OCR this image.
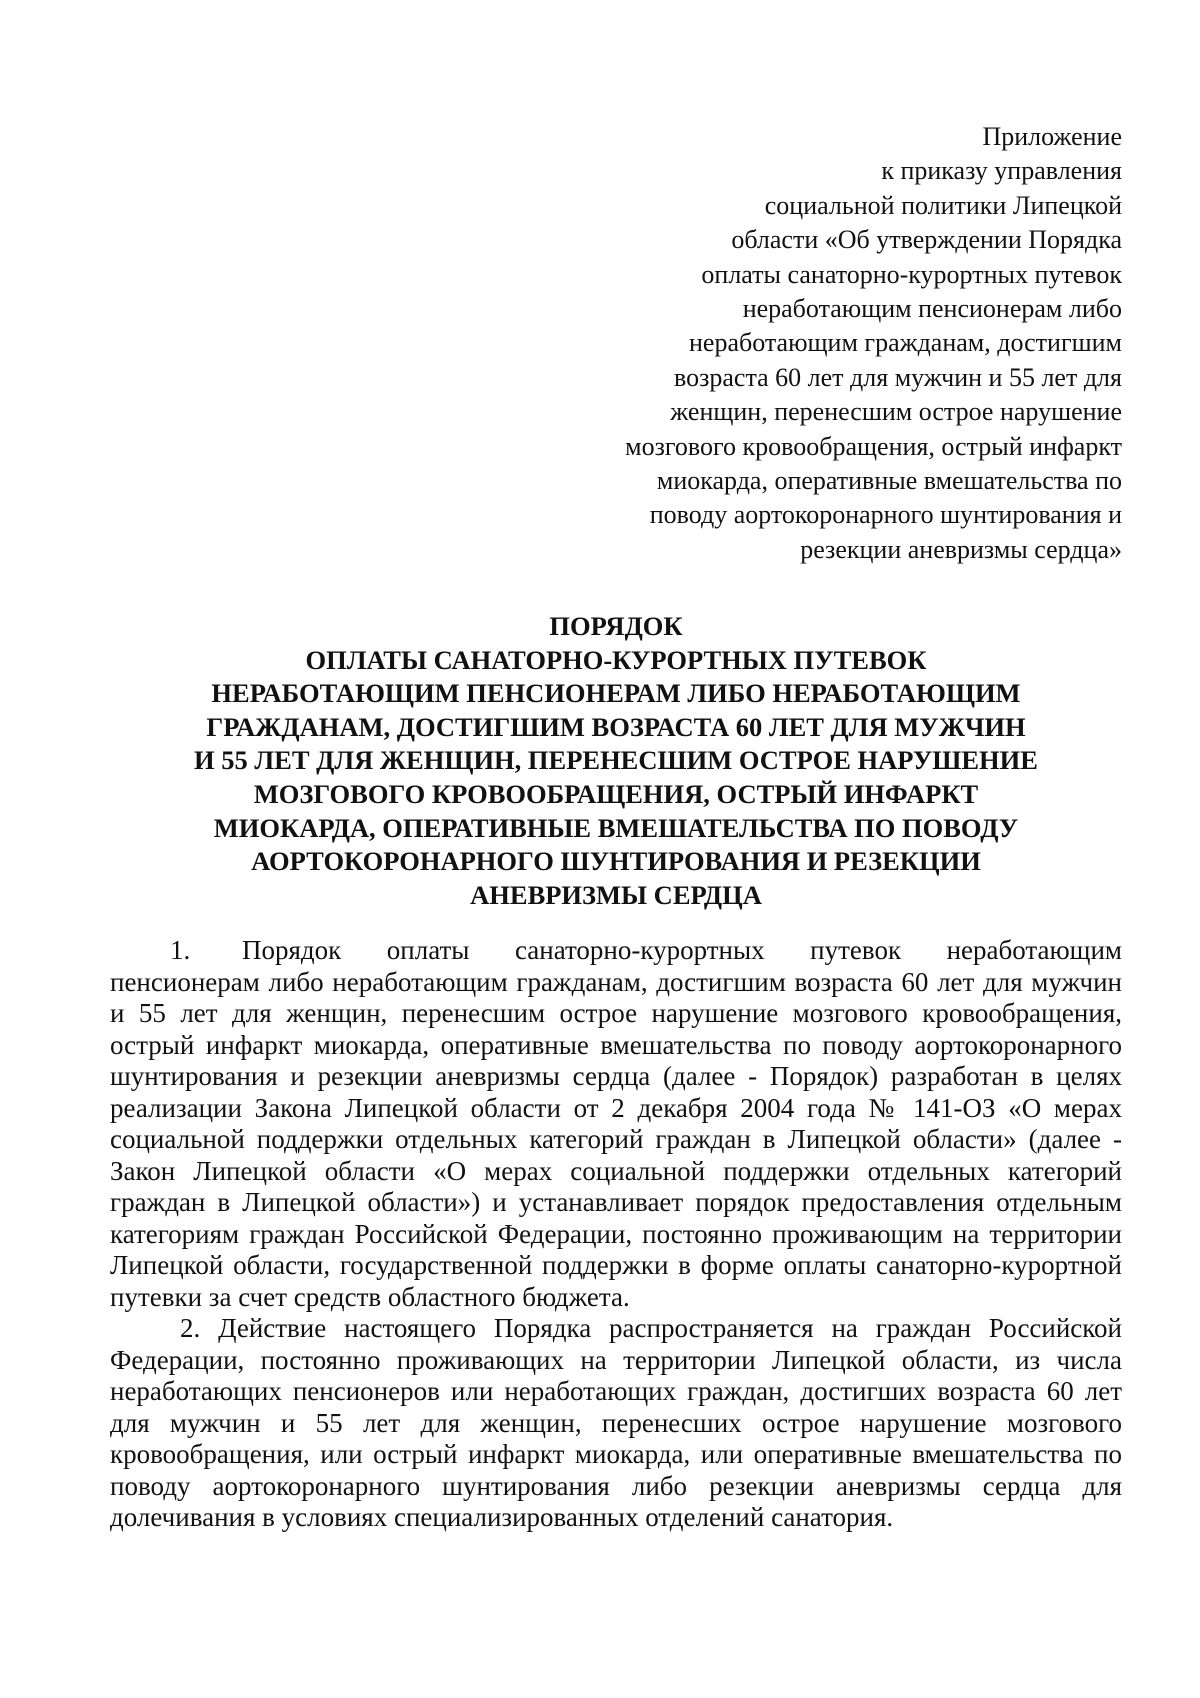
Приложение
к приказу управления
социальной политики Липецкой
области «Об утверждении Порядка
оплаты санаторно-курортных путевок
неработающим пенсионерам либо
неработающим гражданам, достигшим
возраста 60 лет для мужчин и 55 лет для
женщин, перенесшим острое нарушение
мозгового кровообращения, острый инфаркт
миокарда, оперативные вмешательства по
поводу аортокоронарного шунтирования и
резекции аневризмы сердца»
ПОРЯДОК
ОПЛАТЫ САНАТОРНО-КУРОРТНЫХ ПУТЕВОК
НЕРАБОТАЮЩИМ ПЕНСИОНЕРАМ ЛИБО НЕРАБОТАЮЩИМ
ГРАЖДАНАМ, ДОСТИГШИМ ВОЗРАСТА 60 ЛЕТ ДЛЯ МУЖЧИН
И 55 ЛЕТ ДЛЯ ЖЕНЩИН, ПЕРЕНЕСШИМ ОСТРОЕ НАРУШЕНИЕ
МОЗГОВОГО КРОВООБРАЩЕНИЯ, ОСТРЫЙ ИНФАРКТ
МИОКАРДА, ОПЕРАТИВНЫЕ ВМЕШАТЕЛЬСТВА ПО ПОВОДУ
АОРТОКОРОНАРНОГО ШУНТИРОВАНИЯ И РЕЗЕКЦИИ
АНЕВРИЗМЫ СЕРДЦА

1. Порядок оплаты санаторно-курортных путевок неработающим пенсионерам либо неработающим гражданам, достигшим возраста 60 лет для мужчин и 55 лет для женщин, перенесшим острое нарушение мозгового кровообращения, острый инфаркт миокарда, оперативные вмешательства по поводу аортокоронарного шунтирования и резекции аневризмы сердца (далее - Порядок) разработан в целях реализации Закона Липецкой области от 2 декабря 2004 года № 141-ОЗ «О мерах социальной поддержки отдельных категорий граждан в Липецкой области» (далее - Закон Липецкой области «О мерах социальной поддержки отдельных категорий граждан в Липецкой области») и устанавливает порядок предоставления отдельным категориям граждан Российской Федерации, постоянно проживающим на территории Липецкой области, государственной поддержки в форме оплаты санаторно-курортной путевки за счет средств областного бюджета.

2. Действие настоящего Порядка распространяется на граждан Российской Федерации, постоянно проживающих на территории Липецкой области, из числа неработающих пенсионеров или неработающих граждан, достигших возраста 60 лет для мужчин и 55 лет для женщин, перенесших острое нарушение мозгового кровообращения, или острый инфаркт миокарда, или оперативные вмешательства по поводу аортокоронарного шунтирования либо резекции аневризмы сердца для долечивания в условиях специализированных отделений санатория.
